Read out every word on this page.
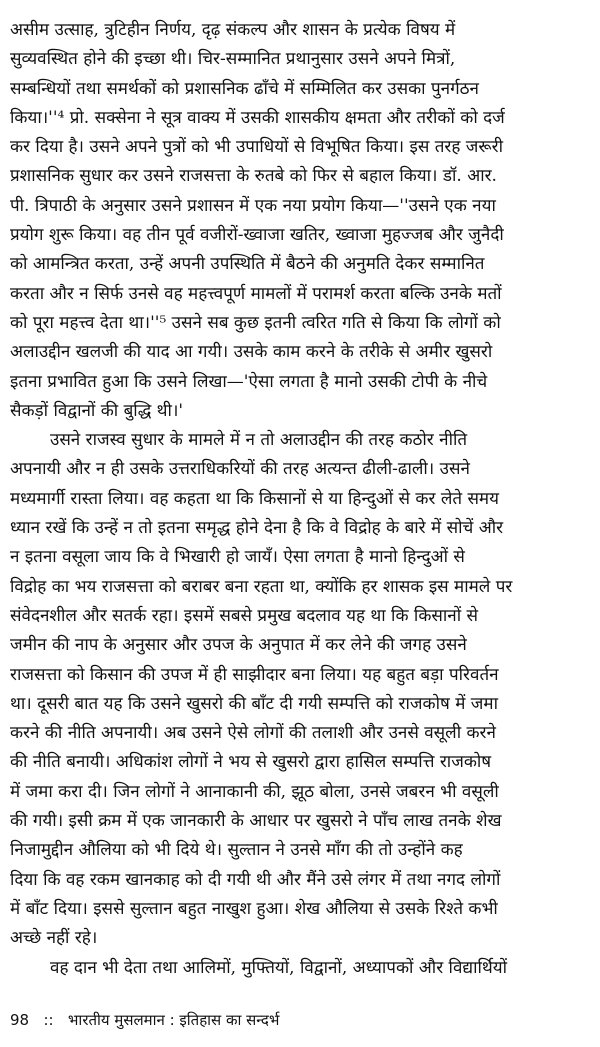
असीम उत्साह, त्रुटिहीन निर्णय, दृढ़ संकल्प और शासन के प्रत्येक विषय में
सुव्यवस्थित होने की इच्छा थी। चिर-सम्मानित प्रथानुसार उसने अपने मित्रों,
सम्बन्धियों तथा समर्थकों को प्रशासनिक ढाँचे में सम्मिलित कर उसका पुनर्गठन
किया।''⁴ प्रो. सक्सेना ने सूत्र वाक्य में उसकी शासकीय क्षमता और तरीकों को दर्ज
कर दिया है। उसने अपने पुत्रों को भी उपाधियों से विभूषित किया। इस तरह जरूरी
प्रशासनिक सुधार कर उसने राजसत्ता के रुतबे को फिर से बहाल किया। डॉ. आर.
पी. त्रिपाठी के अनुसार उसने प्रशासन में एक नया प्रयोग किया—''उसने एक नया
प्रयोग शुरू किया। वह तीन पूर्व वजीरों-ख्वाजा खतिर, ख्वाजा मुहज्जब और जुनैदी
को आमन्त्रित करता, उन्हें अपनी उपस्थिति में बैठने की अनुमति देकर सम्मानित
करता और न सिर्फ उनसे वह महत्त्वपूर्ण मामलों में परामर्श करता बल्कि उनके मतों
को पूरा महत्त्व देता था।''⁵ उसने सब कुछ इतनी त्वरित गति से किया कि लोगों को
अलाउद्दीन खलजी की याद आ गयी। उसके काम करने के तरीके से अमीर खुसरो
इतना प्रभावित हुआ कि उसने लिखा—'ऐसा लगता है मानो उसकी टोपी के नीचे
सैकड़ों विद्वानों की बुद्धि थी।'

उसने राजस्व सुधार के मामले में न तो अलाउद्दीन की तरह कठोर नीति
अपनायी और न ही उसके उत्तराधिकरियों की तरह अत्यन्त ढीली-ढाली। उसने
मध्यमार्गी रास्ता लिया। वह कहता था कि किसानों से या हिन्दुओं से कर लेते समय
ध्यान रखें कि उन्हें न तो इतना समृद्ध होने देना है कि वे विद्रोह के बारे में सोचें और
न इतना वसूला जाय कि वे भिखारी हो जायँ। ऐसा लगता है मानो हिन्दुओं से
विद्रोह का भय राजसत्ता को बराबर बना रहता था, क्योंकि हर शासक इस मामले पर
संवेदनशील और सतर्क रहा। इसमें सबसे प्रमुख बदलाव यह था कि किसानों से
जमीन की नाप के अनुसार और उपज के अनुपात में कर लेने की जगह उसने
राजसत्ता को किसान की उपज में ही साझीदार बना लिया। यह बहुत बड़ा परिवर्तन
था। दूसरी बात यह कि उसने खुसरो की बाँट दी गयी सम्पत्ति को राजकोष में जमा
करने की नीति अपनायी। अब उसने ऐसे लोगों की तलाशी और उनसे वसूली करने
की नीति बनायी। अधिकांश लोगों ने भय से खुसरो द्वारा हासिल सम्पत्ति राजकोष
में जमा करा दी। जिन लोगों ने आनाकानी की, झूठ बोला, उनसे जबरन भी वसूली
की गयी। इसी क्रम में एक जानकारी के आधार पर खुसरो ने पाँच लाख तनके शेख
निजामुद्दीन औलिया को भी दिये थे। सुल्तान ने उनसे माँग की तो उन्होंने कह
दिया कि वह रकम खानकाह को दी गयी थी और मैंने उसे लंगर में तथा नगद लोगों
में बाँट दिया। इससे सुल्तान बहुत नाखुश हुआ। शेख औलिया से उसके रिश्ते कभी
अच्छे नहीं रहे।

वह दान भी देता तथा आलिमों, मुफ्तियों, विद्वानों, अध्यापकों और विद्यार्थियों

98 :: भारतीय मुसलमान : इतिहास का सन्दर्भ
